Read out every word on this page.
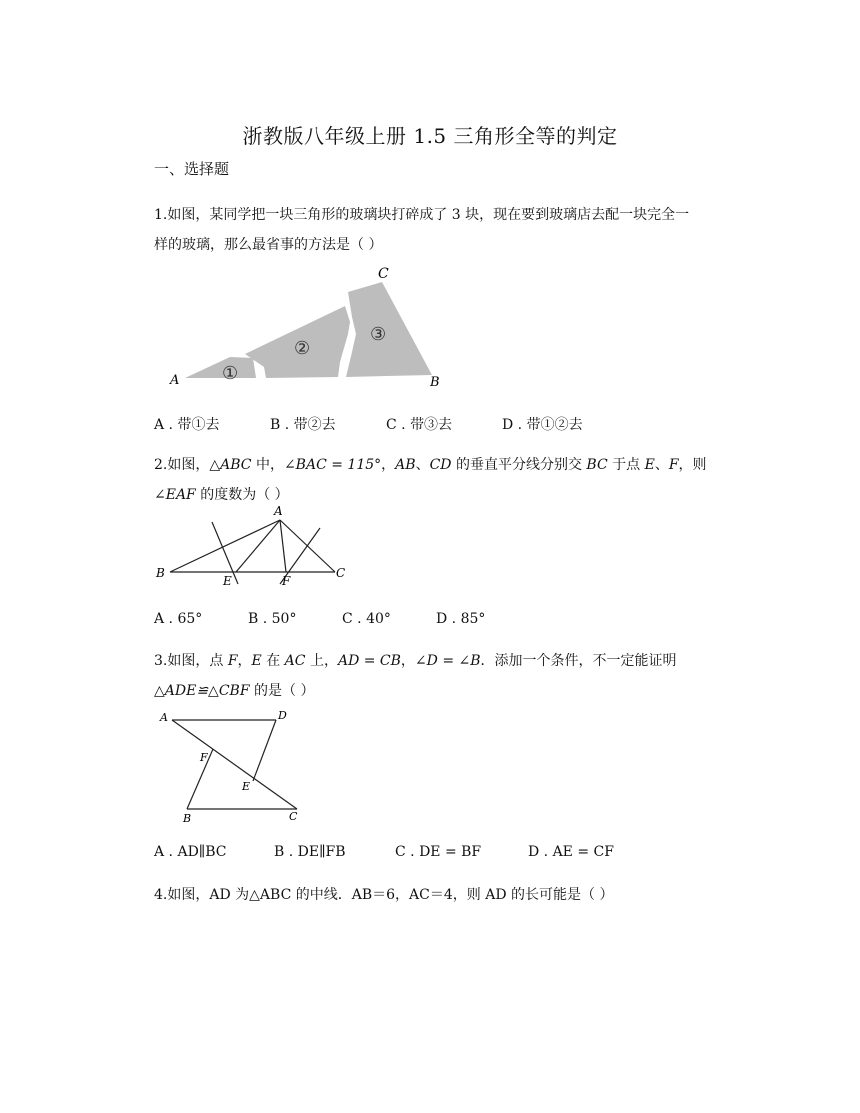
浙教版八年级上册 1.5 三角形全等的判定
一、选择题
1.如图，某同学把一块三角形的玻璃块打碎成了 3 块，现在要到玻璃店去配一块完全一
样的玻璃，那么最省事的方法是（ ）
A	B
C
①
②
③
A . 带①去	B . 带②去	C . 带③去	D . 带①②去
2.如图，△ABC 中，∠BAC = 115°，AB、CD 的垂直平分线分别交 BC 于点 E、F，则
∠EAF 的度数为（ ）
A
B	C
E	F
A . 65°	B . 50°	C . 40°	D . 85°
3.如图，点 F，E 在 AC 上，AD = CB，∠D = ∠B．添加一个条件，不一定能证明
△ADE≌△CBF 的是（ ）
A	D
F
E
B	C
A . AD∥BC	B . DE∥FB	C . DE = BF	D . AE = CF
4.如图，AD 为△ABC 的中线．AB＝6，AC＝4，则 AD 的长可能是（ ）
